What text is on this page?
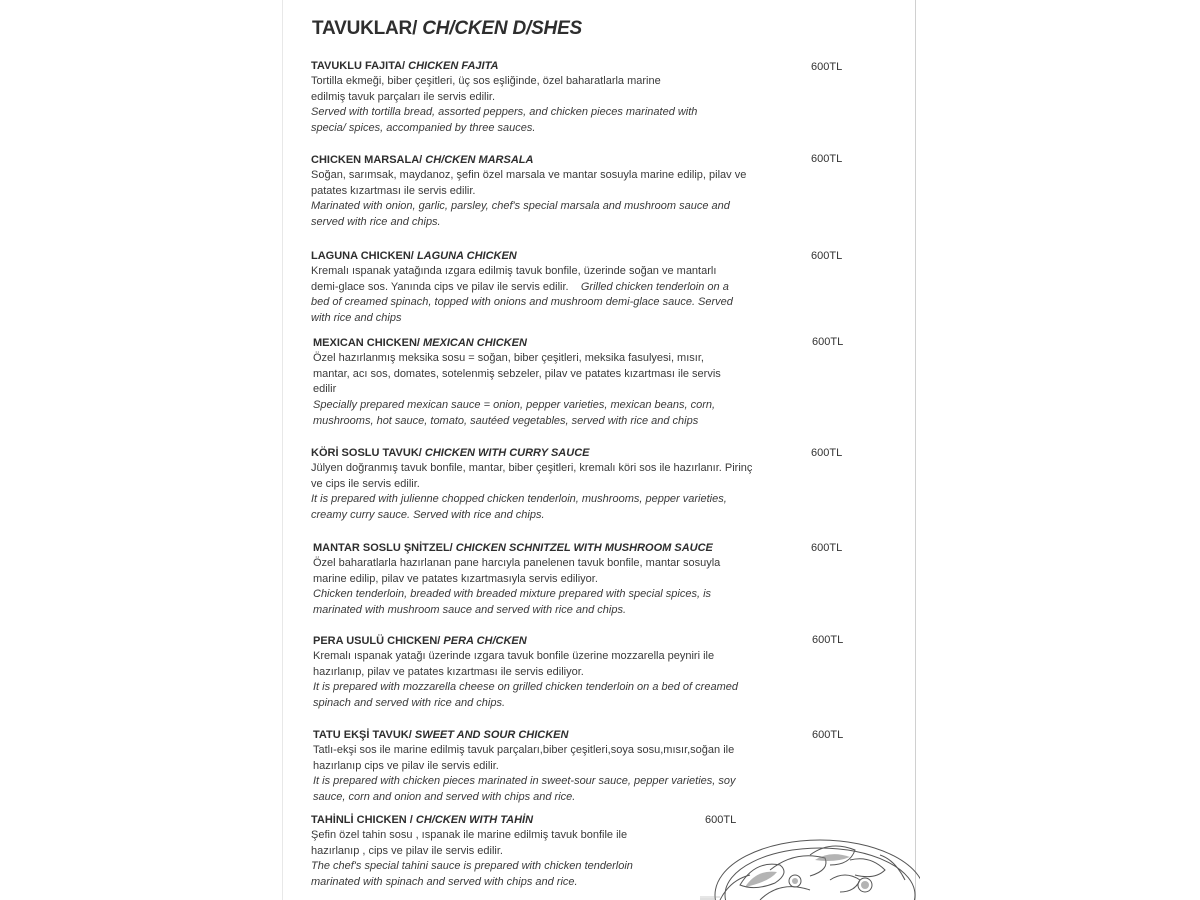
TAVUKLAR/ CH/CKEN D/SHES
TAVUKLU FAJITA/ CHICKEN FAJITA
Tortilla ekmeği, biber çeşitleri, üç sos eşliğinde, özel baharatlarla marine edilmiş tavuk parçaları ile servis edilir.
Served with tortilla bread, assorted peppers, and chicken pieces marinated with specia/ spices, accompanied by three sauces.
600TL
CHICKEN MARSALA/ CH/CKEN MARSALA
Soğan, sarımsak, maydanoz, şefin özel marsala ve mantar sosuyla marine edilip, pilav ve patates kızartması ile servis edilir.
Marinated with onion, garlic, parsley, chef's special marsala and mushroom sauce and served with rice and chips.
600TL
LAGUNA CHICKEN/ LAGUNA CHICKEN
Kremalı ıspanak yatağında ızgara edilmiş tavuk bonfile, üzerinde soğan ve mantarlı demi-glace sos. Yanında cips ve pilav ile servis edilir. Grilled chicken tenderloin on a bed of creamed spinach, topped with onions and mushroom demi-glace sauce. Served with rice and chips
600TL
MEXICAN CHICKEN/ MEXICAN CHICKEN
Özel hazırlanmış meksika sosu = soğan, biber çeşitleri, meksika fasulyesi, mısır, mantar, acı sos, domates, sotelenmiş sebzeler, pilav ve patates kızartması ile servis edilir
Specially prepared mexican sauce = onion, pepper varieties, mexican beans, corn, mushrooms, hot sauce, tomato, sautéed vegetables, served with rice and chips
600TL
KÖRİ SOSLU TAVUK/ CHICKEN WITH CURRY SAUCE
Jülyen doğranmış tavuk bonfile, mantar, biber çeşitleri, kremalı köri sos ile hazırlanır. Pirinç ve cips ile servis edilir.
It is prepared with julienne chopped chicken tenderloin, mushrooms, pepper varieties, creamy curry sauce. Served with rice and chips.
600TL
MANTAR SOSLU ŞNİTZEL/ CHICKEN SCHNITZEL WITH MUSHROOM SAUCE
Özel baharatlarla hazırlanan pane harcıyla panelenen tavuk bonfile, mantar sosuyla marine edilip, pilav ve patates kızartmasıyla servis ediliyor.
Chicken tenderloin, breaded with breaded mixture prepared with special spices, is marinated with mushroom sauce and served with rice and chips.
600TL
PERA USULÜ CHICKEN/ PERA CH/CKEN
Kremalı ıspanak yatağı üzerinde ızgara tavuk bonfile üzerine mozzarella peyniri ile hazırlanıp, pilav ve patates kızartması ile servis ediliyor.
It is prepared with mozzarella cheese on grilled chicken tenderloin on a bed of creamed spinach and served with rice and chips.
600TL
TATU EKŞİ TAVUK/ SWEET AND SOUR CHICKEN
Tatlı-ekşi sos ile marine edilmiş tavuk parçaları,biber çeşitleri,soya sosu,mısır,soğan ile hazırlanıp cips ve pilav ile servis edilir.
It is prepared with chicken pieces marinated in sweet-sour sauce, pepper varieties, soy sauce, corn and onion and served with chips and rice.
600TL
TAHİNLİ CHICKEN / CH/CKEN WITH TAHİN
Şefin özel tahin sosu , ıspanak ile marine edilmiş tavuk bonfile ile hazırlanıp , cips ve pilav ile servis edilir.
The chef's special tahini sauce is prepared with chicken tenderloin marinated with spinach and served with chips and rice.
600TL
